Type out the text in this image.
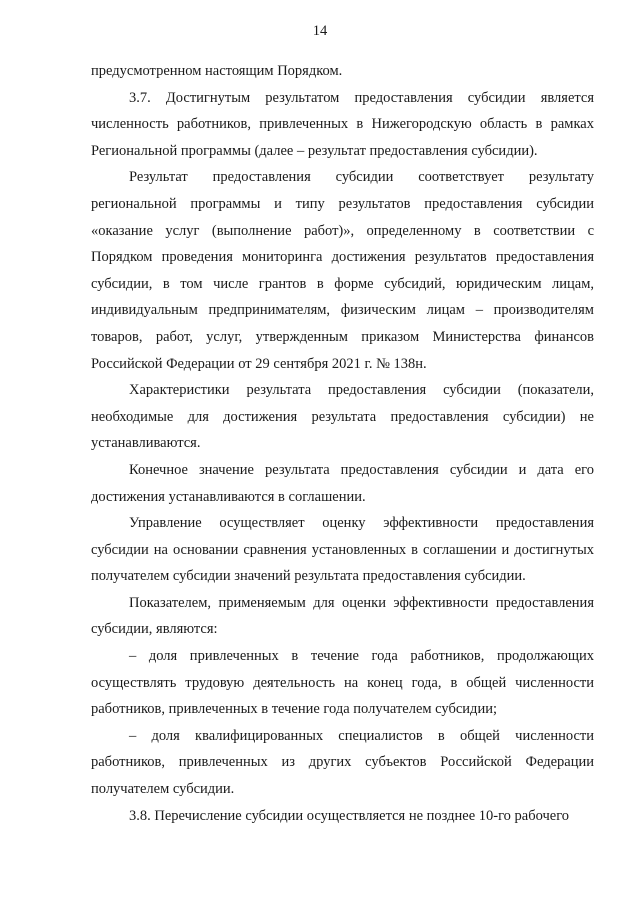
14

предусмотренном настоящим Порядком.

3.7. Достигнутым результатом предоставления субсидии является численность работников, привлеченных в Нижегородскую область в рамках Региональной программы (далее – результат предоставления субсидии).

Результат предоставления субсидии соответствует результату региональной программы и типу результатов предоставления субсидии «оказание услуг (выполнение работ)», определенному в соответствии с Порядком проведения мониторинга достижения результатов предоставления субсидии, в том числе грантов в форме субсидий, юридическим лицам, индивидуальным предпринимателям, физическим лицам – производителям товаров, работ, услуг, утвержденным приказом Министерства финансов Российской Федерации от 29 сентября 2021 г. № 138н.

Характеристики результата предоставления субсидии (показатели, необходимые для достижения результата предоставления субсидии) не устанавливаются.

Конечное значение результата предоставления субсидии и дата его достижения устанавливаются в соглашении.

Управление осуществляет оценку эффективности предоставления субсидии на основании сравнения установленных в соглашении и достигнутых получателем субсидии значений результата предоставления субсидии.

Показателем, применяемым для оценки эффективности предоставления субсидии, являются:

– доля привлеченных в течение года работников, продолжающих осуществлять трудовую деятельность на конец года, в общей численности работников, привлеченных в течение года получателем субсидии;

– доля квалифицированных специалистов в общей численности работников, привлеченных из других субъектов Российской Федерации получателем субсидии.

3.8. Перечисление субсидии осуществляется не позднее 10-го рабочего
